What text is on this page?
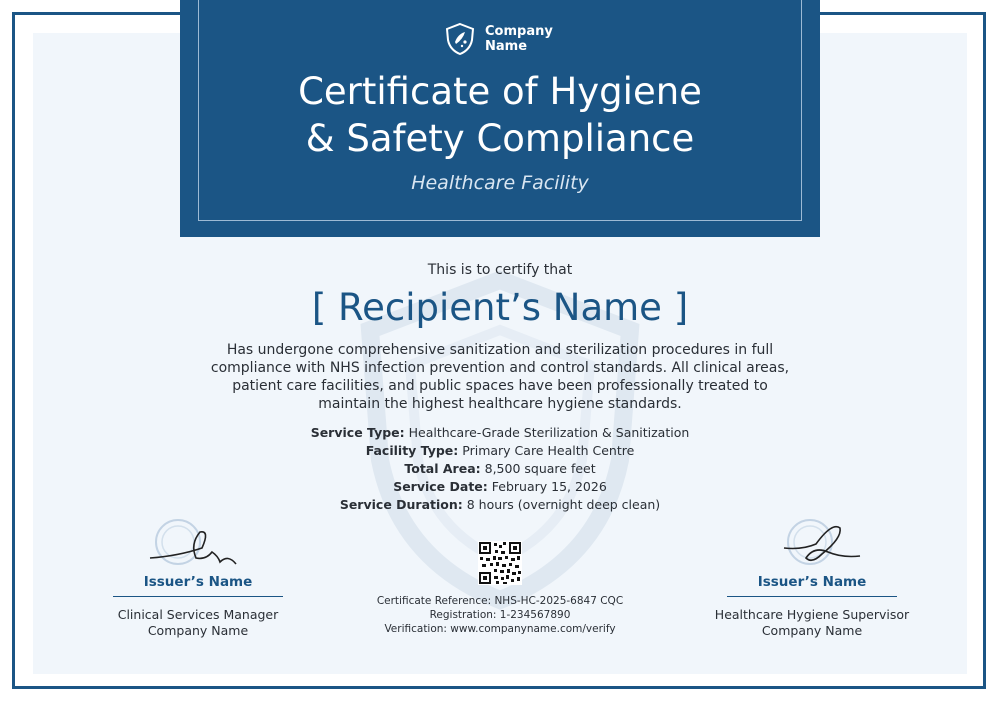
Company Name
Certificate of Hygiene
& Safety Compliance
Healthcare Facility
This is to certify that
[ Recipient’s Name ]
Has undergone comprehensive sanitization and sterilization procedures in full compliance with NHS infection prevention and control standards. All clinical areas, patient care facilities, and public spaces have been professionally treated to maintain the highest healthcare hygiene standards.
Service Type: Healthcare-Grade Sterilization & Sanitization
Facility Type: Primary Care Health Centre
Total Area: 8,500 square feet
Service Date: February 15, 2026
Service Duration: 8 hours (overnight deep clean)
Issuer’s Name
Clinical Services Manager
Company Name
Issuer’s Name
Healthcare Hygiene Supervisor
Company Name
Certificate Reference: NHS-HC-2025-6847 CQC
Registration: 1-234567890
Verification: www.companyname.com/verify
